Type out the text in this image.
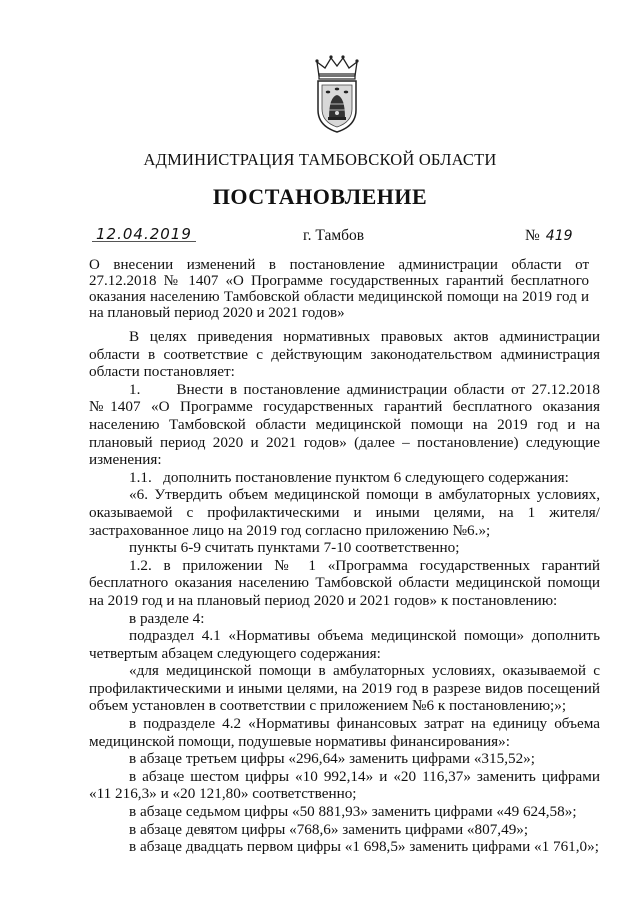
АДМИНИСТРАЦИЯ ТАМБОВСКОЙ ОБЛАСТИ
ПОСТАНОВЛЕНИЕ
12.04.2019	г. Тамбов	№ 419
О внесении изменений в постановление администрации области от 27.12.2018 № 1407 «О Программе государственных гарантий бесплатного оказания населению Тамбовской области медицинской помощи на 2019 год и на плановый период 2020 и 2021 годов»

В целях приведения нормативных правовых актов администрации области в соответствие с действующим законодательством администрация области постановляет:

1. Внести в постановление администрации области от 27.12.2018 №1407 «О Программе государственных гарантий бесплатного оказания населению Тамбовской области медицинской помощи на 2019 год и на плановый период 2020 и 2021 годов» (далее – постановление) следующие изменения:

1.1. дополнить постановление пунктом 6 следующего содержания:

«6. Утвердить объем медицинской помощи в амбулаторных условиях, оказываемой с профилактическими и иными целями, на 1 жителя/застрахованное лицо на 2019 год согласно приложению №6.»;

пункты 6-9 считать пунктами 7-10 соответственно;

1.2. в приложении № 1 «Программа государственных гарантий бесплатного оказания населению Тамбовской области медицинской помощи на 2019 год и на плановый период 2020 и 2021 годов» к постановлению:

в разделе 4:

подраздел 4.1 «Нормативы объема медицинской помощи» дополнить четвертым абзацем следующего содержания:

«для медицинской помощи в амбулаторных условиях, оказываемой с профилактическими и иными целями, на 2019 год в разрезе видов посещений объем установлен в соответствии с приложением №6 к постановлению;»;

в подразделе 4.2 «Нормативы финансовых затрат на единицу объема медицинской помощи, подушевые нормативы финансирования»:

в абзаце третьем цифры «296,64» заменить цифрами «315,52»;

в абзаце шестом цифры «10 992,14» и «20 116,37» заменить цифрами «11 216,3» и «20 121,80» соответственно;

в абзаце седьмом цифры «50 881,93» заменить цифрами «49 624,58»;

в абзаце девятом цифры «768,6» заменить цифрами «807,49»;

в абзаце двадцать первом цифры «1 698,5» заменить цифрами «1 761,0»;
